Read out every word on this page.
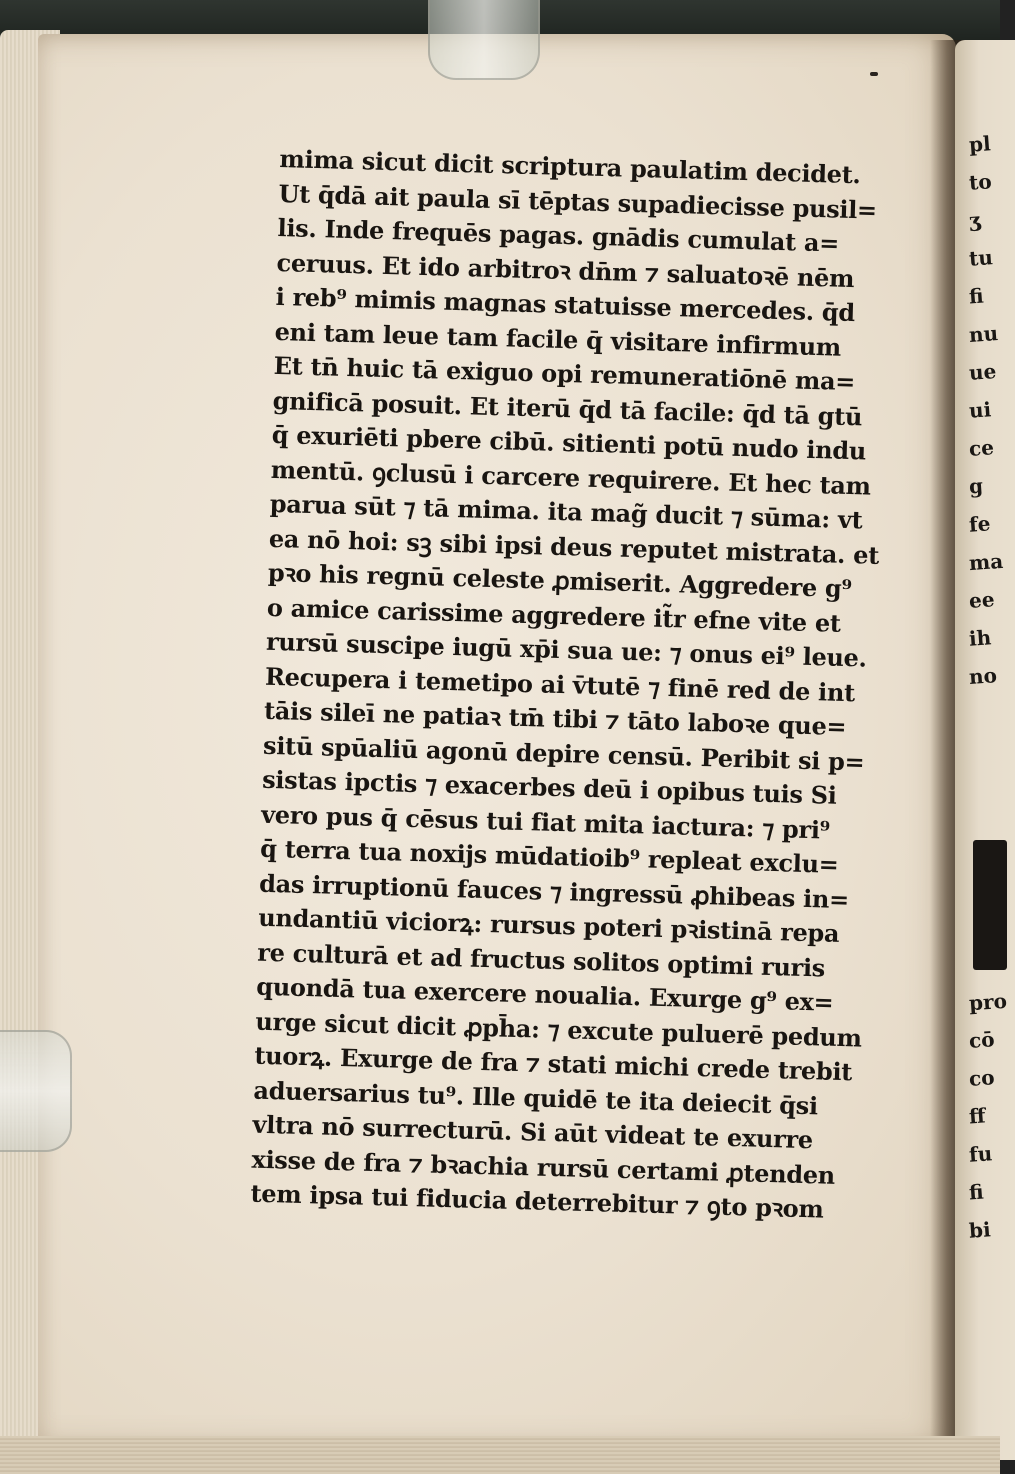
pl
to
ʒ
tu
fi
nu
ue
ui
ce
g
fe
ma
ee
ih
no
pro
cō
co
ff
fu
fi
bi
mima sicut dicit scriptura paulatim decidet.
Ut q̄dā ait paula sī tēptas supadiecisse pusil=
lis. Inde frequēs pagas. gnādis cumulat a=
ceruus. Et ido arbitroꝛ dn̄m ⁊ saluatoꝛē nēm
i reb⁹ mimis magnas statuisse mercedes. q̄d
eni tam leue tam facile q̄ visitare infirmum
Et tn̄ huic tā exiguo opi remuneratiōnē ma=
gnificā posuit. Et iterū q̄d tā facile: q̄d tā gtū
q̄ exuriēti pbere cibū. sitienti potū nudo indu
mentū. ꝯclusū i carcere requirere. Et hec tam
parua sūt ⁊ tā mima. ita mag̃ ducit ⁊ sūma: vt
ea nō hoi: sꝫ sibi ipsi deus reputet mistrata. et
pꝛo his regnū celeste ꝓmiserit. Aggredere g⁹
o amice carissime aggredere it̃r efne vite et
rursū suscipe iugū xp̄i sua ue: ⁊ onus ei⁹ leue.
Recupera i temetipo ai v̄tutē ⁊ finē red de int
tāis sileī ne patiaꝛ tm̄ tibi ⁊ tāto laboꝛe que=
sitū spūaliū agonū depire censū. Peribit si p=
sistas ipctis ⁊ exacerbes deū i opibus tuis Si
vero pus q̄ cēsus tui fiat mita iactura: ⁊ pri⁹
q̄ terra tua noxijs mūdatioib⁹ repleat exclu=
das irruptionū fauces ⁊ ingressū ꝓhibeas in=
undantiū viciorꝝ: rursus poteri pꝛistinā repa
re culturā et ad fructus solitos optimi ruris
quondā tua exercere noualia. Exurge g⁹ ex=
urge sicut dicit ꝓph̄a: ⁊ excute puluerē pedum
tuorꝝ. Exurge de fra ⁊ stati michi crede trebit
aduersarius tu⁹. Ille quidē te ita deiecit q̄si
vltra nō surrecturū. Si aūt videat te exurre
xisse de fra ⁊ bꝛachia rursū certami ꝓtenden
tem ipsa tui fiducia deterrebitur ⁊ ꝯto pꝛom
